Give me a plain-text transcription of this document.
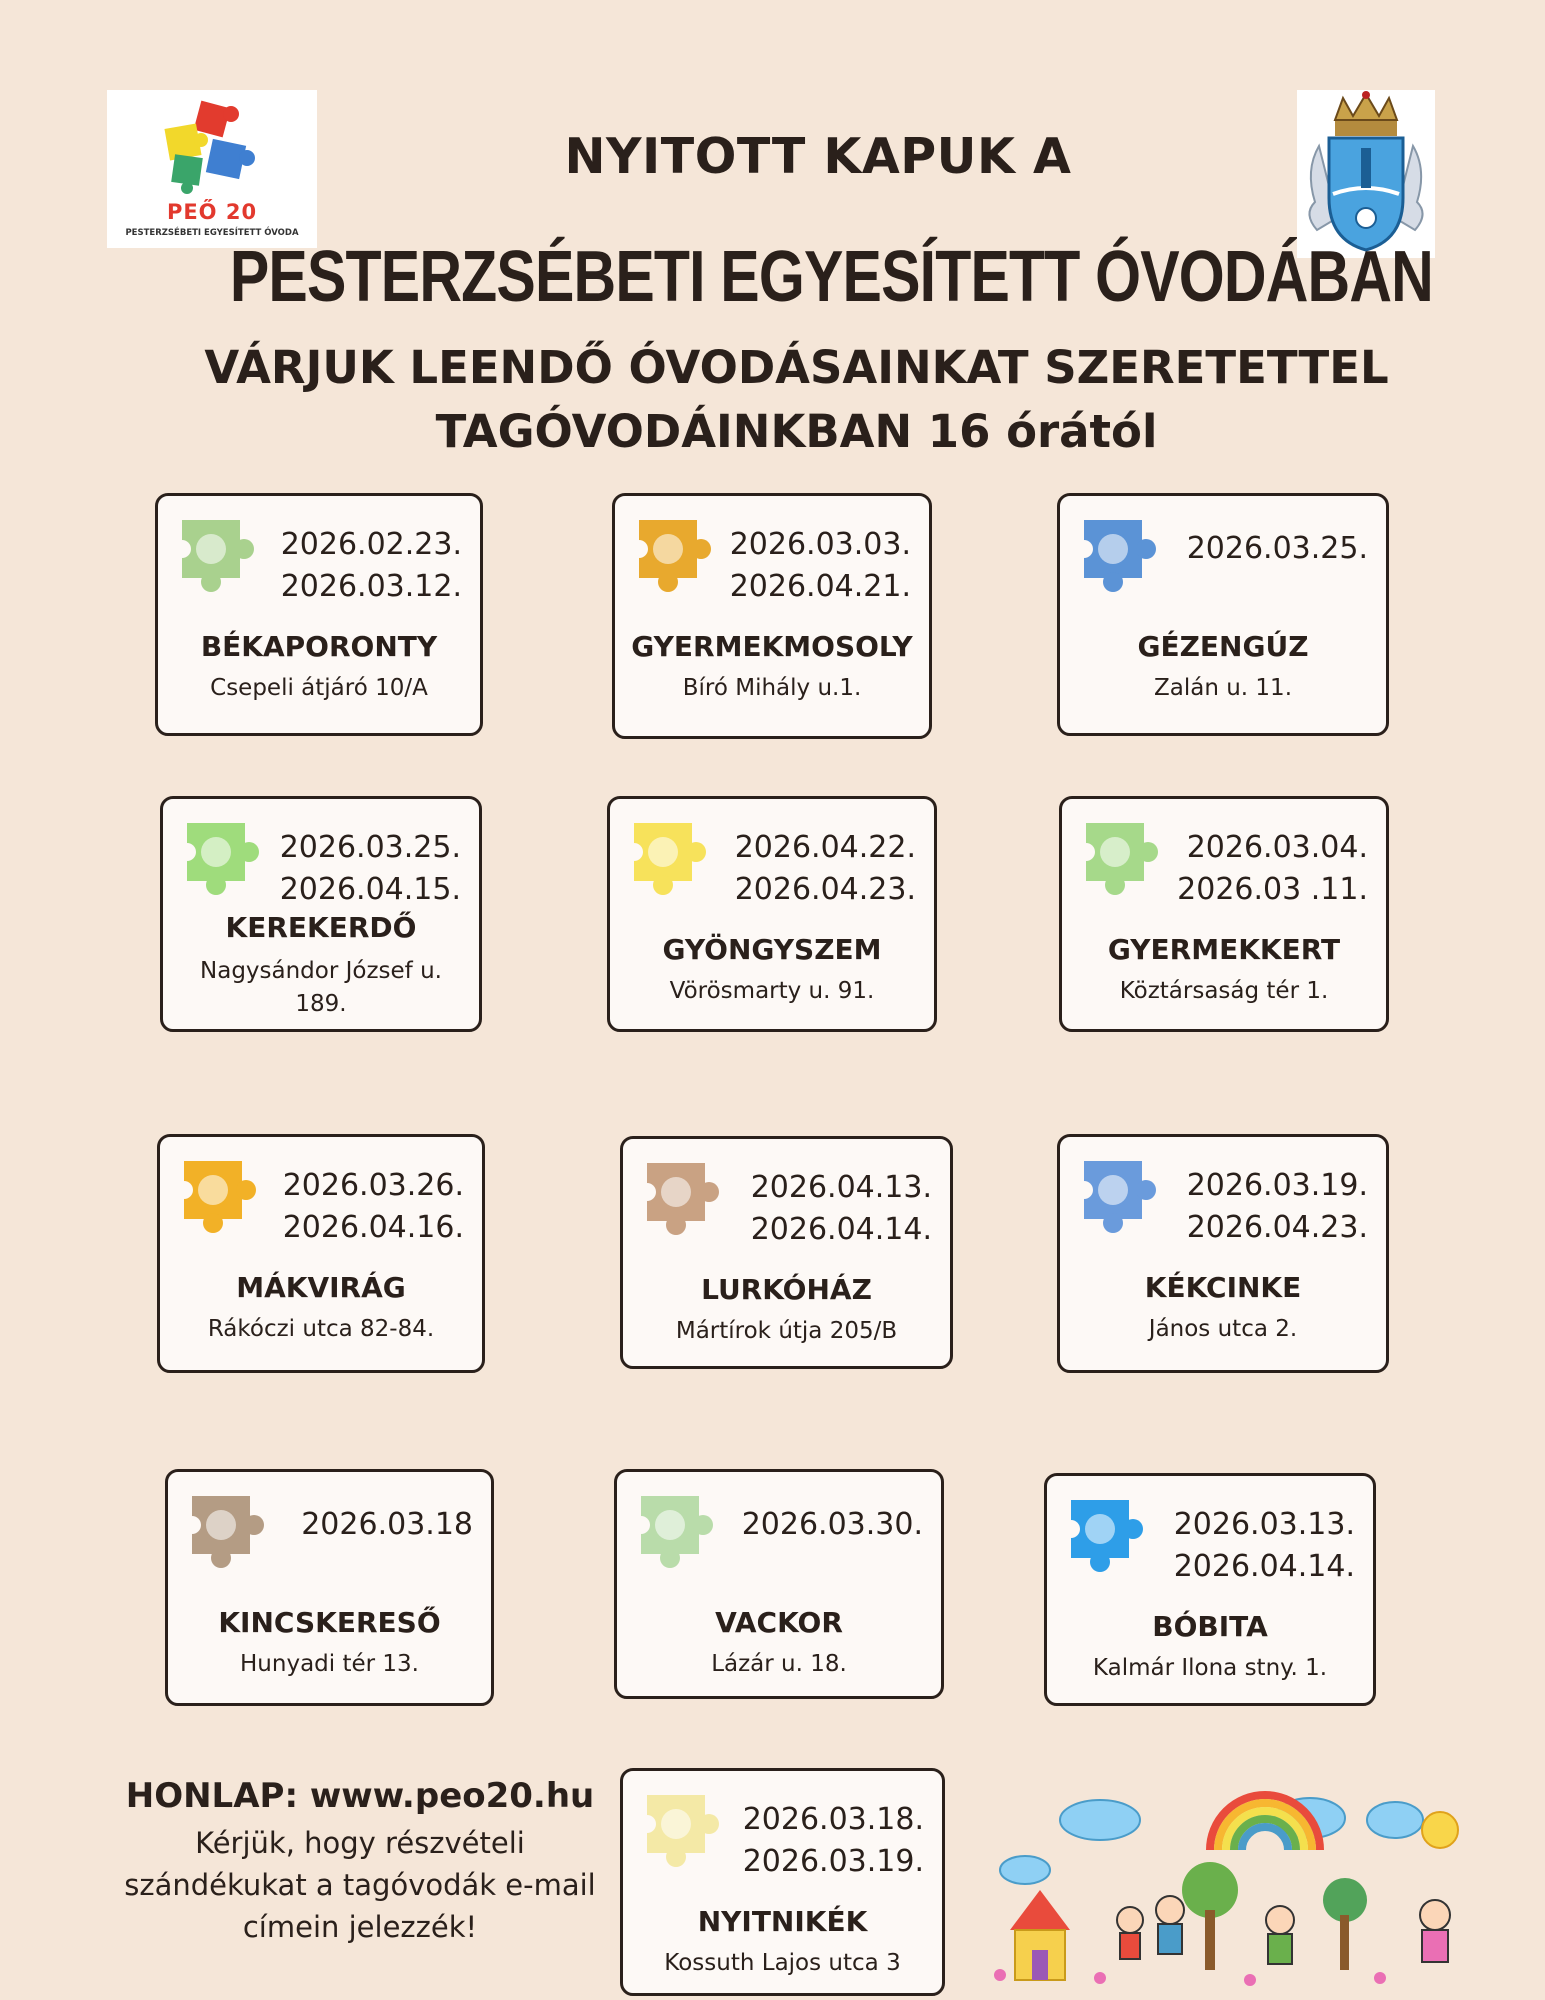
PEŐ 20
PESTERZSÉBETI EGYESÍTETT ÓVODA
NYITOTT KAPUK A
PESTERZSÉBETI EGYESÍTETT ÓVODÁBAN
VÁRJUK LEENDŐ ÓVODÁSAINKAT SZERETETTEL
TAGÓVODÁINKBAN 16 órától
2026.02.23.
2026.03.12.
BÉKAPORONTY
Csepeli átjáró 10/A
2026.03.03.
2026.04.21.
GYERMEKMOSOLY
Bíró Mihály u.1.
2026.03.25.
GÉZENGÚZ
Zalán u. 11.
2026.03.25.
2026.04.15.
KEREKERDŐ
Nagysándor József u. 189.
2026.04.22.
2026.04.23.
GYÖNGYSZEM
Vörösmarty u. 91.
2026.03.04.
2026.03 .11.
GYERMEKKERT
Köztársaság tér 1.
2026.03.26.
2026.04.16.
MÁKVIRÁG
Rákóczi utca 82-84.
2026.04.13.
2026.04.14.
LURKÓHÁZ
Mártírok útja 205/B
2026.03.19.
2026.04.23.
KÉKCINKE
János utca 2.
2026.03.18
KINCSKERESŐ
Hunyadi tér 13.
2026.03.30.
VACKOR
Lázár u. 18.
2026.03.13.
2026.04.14.
BÓBITA
Kalmár Ilona stny. 1.
2026.03.18.
2026.03.19.
NYITNIKÉK
Kossuth Lajos utca 3
HONLAP: www.peo20.hu
Kérjük, hogy részvételi szándékukat a tagóvodák e-mail címein jelezzék!
